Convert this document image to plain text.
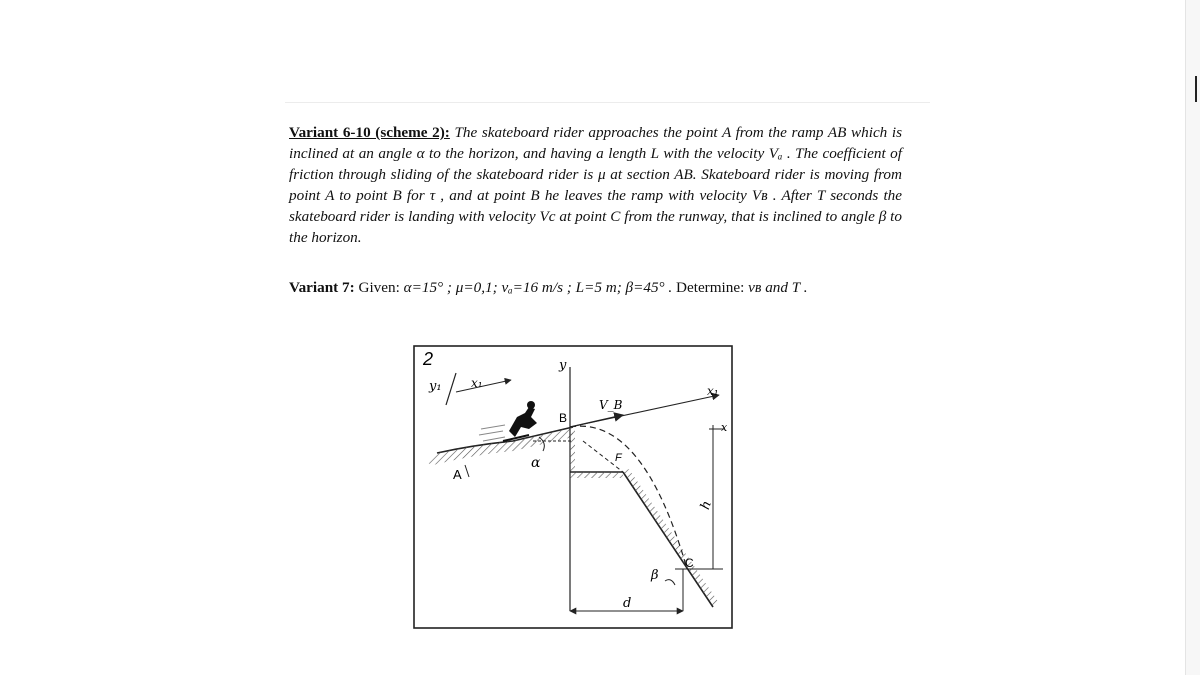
Variant 6-10 (scheme 2): The skateboard rider approaches the point A from the ramp AB which is inclined at an angle α to the horizon, and having a length L with the velocity Vₐ . The coefficient of friction through sliding of the skateboard rider is μ at section AB. Skateboard rider is moving from point A to point B for τ , and at point B he leaves the ramp with velocity Vʙ . After T seconds the skateboard rider is landing with velocity Vc at point C from the runway, that is inclined to angle β to the horizon.
Variant 7: Given: α=15° ; μ=0,1; vₐ=16 m/s ; L=5 m; β=45° . Determine: vʙ and T .
2
y₁ x₁
A
α
y
B
V_B
x₁
x
h
F
C
β
d
